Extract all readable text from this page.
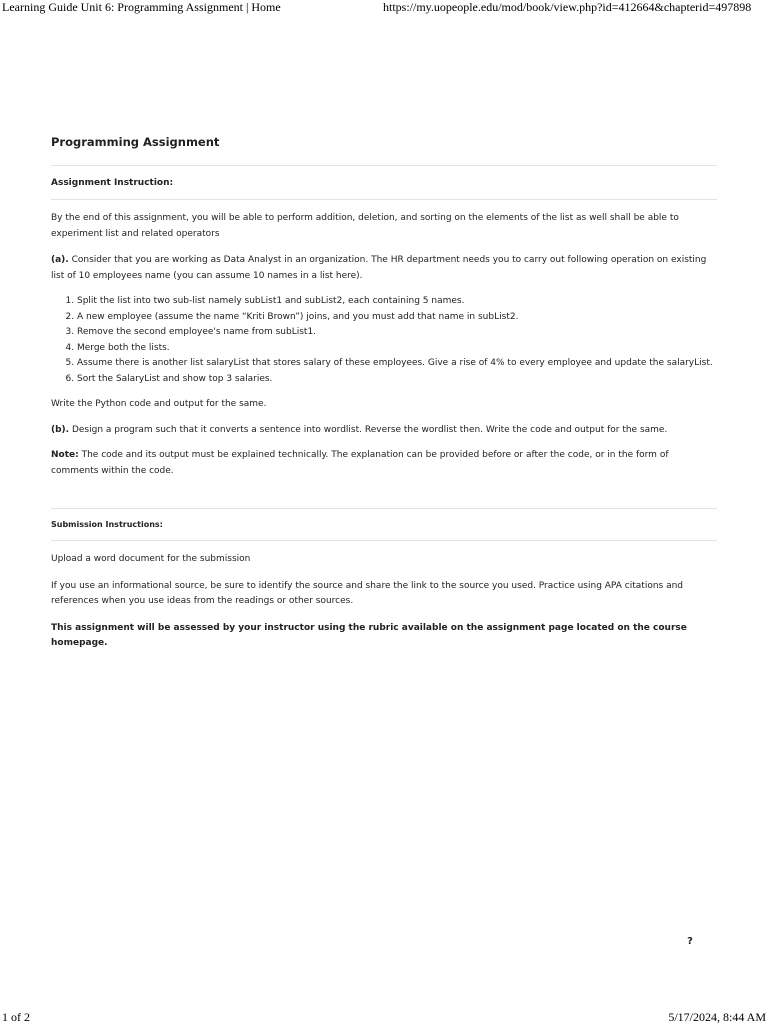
Learning Guide Unit 6: Programming Assignment | Home	https://my.uopeople.edu/mod/book/view.php?id=412664&chapterid=497898
Programming Assignment
Assignment Instruction:

By the end of this assignment, you will be able to perform addition, deletion, and sorting on the elements of the list as well shall be able to experiment list and related operators

(a). Consider that you are working as Data Analyst in an organization. The HR department needs you to carry out following operation on existing list of 10 employees name (you can assume 10 names in a list here).

1. Split the list into two sub-list namely subList1 and subList2, each containing 5 names.
2. A new employee (assume the name “Kriti Brown”) joins, and you must add that name in subList2.
3. Remove the second employee's name from subList1.
4. Merge both the lists.
5. Assume there is another list salaryList that stores salary of these employees. Give a rise of 4% to every employee and update the salaryList.
6. Sort the SalaryList and show top 3 salaries.

Write the Python code and output for the same.

(b). Design a program such that it converts a sentence into wordlist. Reverse the wordlist then. Write the code and output for the same.

Note: The code and its output must be explained technically. The explanation can be provided before or after the code, or in the form of comments within the code.

Submission Instructions:

Upload a word document for the submission

If you use an informational source, be sure to identify the source and share the link to the source you used. Practice using APA citations and references when you use ideas from the readings or other sources.

This assignment will be assessed by your instructor using the rubric available on the assignment page located on the course homepage.

?
1 of 2	5/17/2024, 8:44 AM
